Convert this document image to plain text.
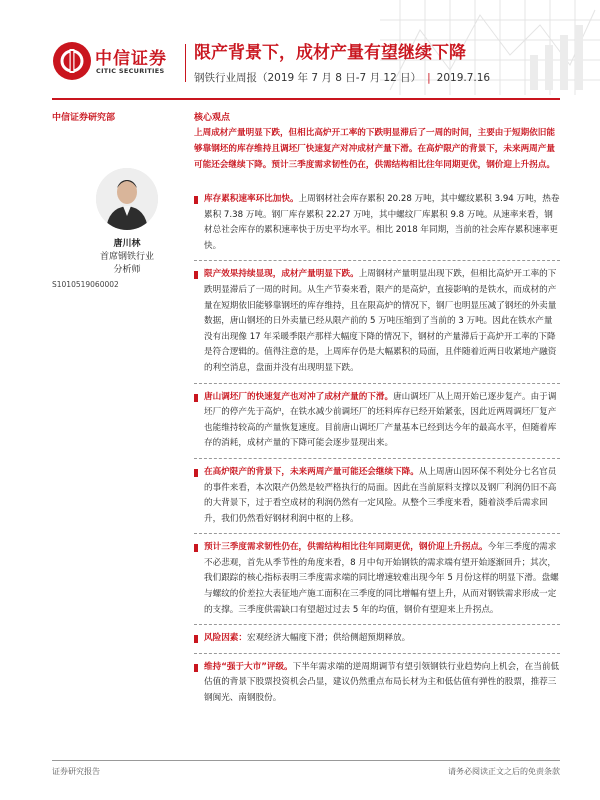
中信证券
CITIC SECURITIES
限产背景下，成材产量有望继续下降
钢铁行业周报（2019 年 7 月 8 日-7 月 12 日） | 2019.7.16
中信证券研究部	核心观点
上周成材产量明显下跌，但相比高炉开工率的下跌明显滞后了一周的时间，主要由于短期依旧能够靠钢坯的库存维持且调坯厂快速复产对冲成材产量下滑。在高炉限产的背景下，未来两周产量可能还会继续下降。预计三季度需求韧性仍在，供需结构相比往年同期更优，钢价迎上升拐点。
唐川林
首席钢铁行业
分析师
S1010519060002
库存累积速率环比加快。上周钢材社会库存累积 20.28 万吨，其中螺纹累积 3.94 万吨，热卷累积 7.38 万吨。钢厂库存累积 22.27 万吨，其中螺纹厂库累积 9.8 万吨。从速率来看，钢材总社会库存的累积速率快于历史平均水平。相比 2018 年同期，当前的社会库存累积速率更快。
限产效果持续显现，成材产量明显下跌。上周钢材产量明显出现下跌，但相比高炉开工率的下跌明显滞后了一周的时间。从生产节奏来看，限产的是高炉，直接影响的是铁水，而成材的产量在短期依旧能够靠钢坯的库存维持，且在限高炉的情况下，钢厂也明显压减了钢坯的外卖量数据，唐山钢坯的日外卖量已经从限产前的 5 万吨压缩到了当前的 3 万吨。因此在铁水产量没有出现像 17 年采暖季限产那样大幅度下降的情况下，钢材的产量滞后于高炉开工率的下降是符合逻辑的。值得注意的是，上周库存仍是大幅累积的局面，且伴随着近两日收紧地产融资的利空消息，盘面并没有出现明显下跌。
唐山调坯厂的快速复产也对冲了成材产量的下滑。唐山调坯厂从上周开始已逐步复产。由于调坯厂的停产先于高炉，在铁水减少前调坯厂的坯料库存已经开始紧张，因此近两周调坯厂复产也能维持较高的产量恢复速度。目前唐山调坯厂产量基本已经到达今年的最高水平，但随着库存的消耗，成材产量的下降可能会逐步显现出来。
在高炉限产的背景下，未来两周产量可能还会继续下降。从上周唐山因环保不利处分七名官员的事件来看，本次限产仍然是较严格执行的局面。因此在当前原料支撑以及钢厂利润仍旧不高的大背景下，过于看空成材的利润仍然有一定风险。从整个三季度来看，随着淡季后需求回升，我们仍然看好钢材利润中枢的上移。
预计三季度需求韧性仍在，供需结构相比往年同期更优，钢价迎上升拐点。今年三季度的需求不必悲观，首先从季节性的角度来看，8 月中旬开始钢铁的需求端有望开始逐渐回升；其次，我们跟踪的核心指标表明三季度需求端的同比增速较难出现今年 5 月份这样的明显下滑。盘螺与螺纹的价差拉大表征地产施工面积在三季度的同比增幅有望上升，从而对钢铁需求形成一定的支撑。三季度供需缺口有望超过过去 5 年的均值，钢价有望迎来上升拐点。
风险因素：宏观经济大幅度下滑；供给侧超预期释放。
维持“强于大市”评级。下半年需求端的逆周期调节有望引领钢铁行业趋势向上机会，在当前低估值的背景下股票投资机会凸显，建议仍然重点布局长材为主和低估值有弹性的股票，推荐三钢闽光、南钢股份。
证券研究报告	请务必阅读正文之后的免责条款
